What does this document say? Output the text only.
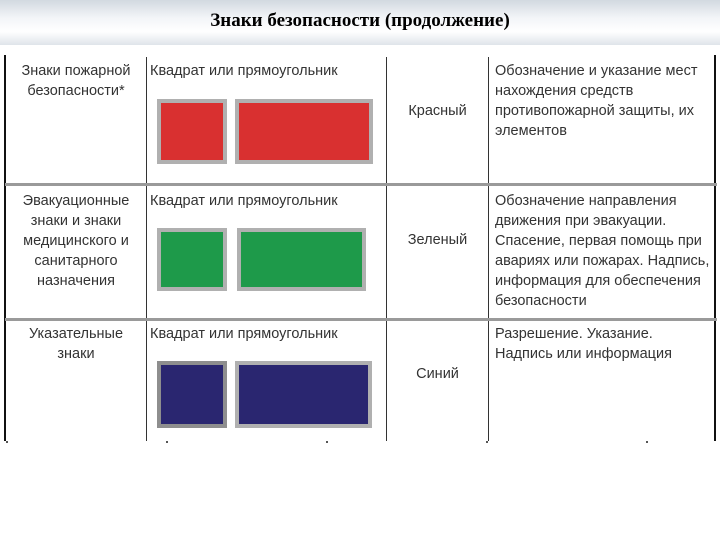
Знаки безопасности (продолжение)
Знаки пожарной безопасности*
Квадрат или прямоугольник
Красный
Обозначение и указание мест нахождения средств противопожарной защиты, их элементов
Эвакуационные знаки и знаки медицинского и санитарного назначения
Квадрат или прямоугольник
Зеленый
Обозначение направления движения при эвакуации. Спасение, первая помощь при авариях или пожарах. Надпись, информация для обеспечения безопасности
Указательные знаки
Квадрат или прямоугольник
Синий
Разрешение. Указание. Надпись или информация
